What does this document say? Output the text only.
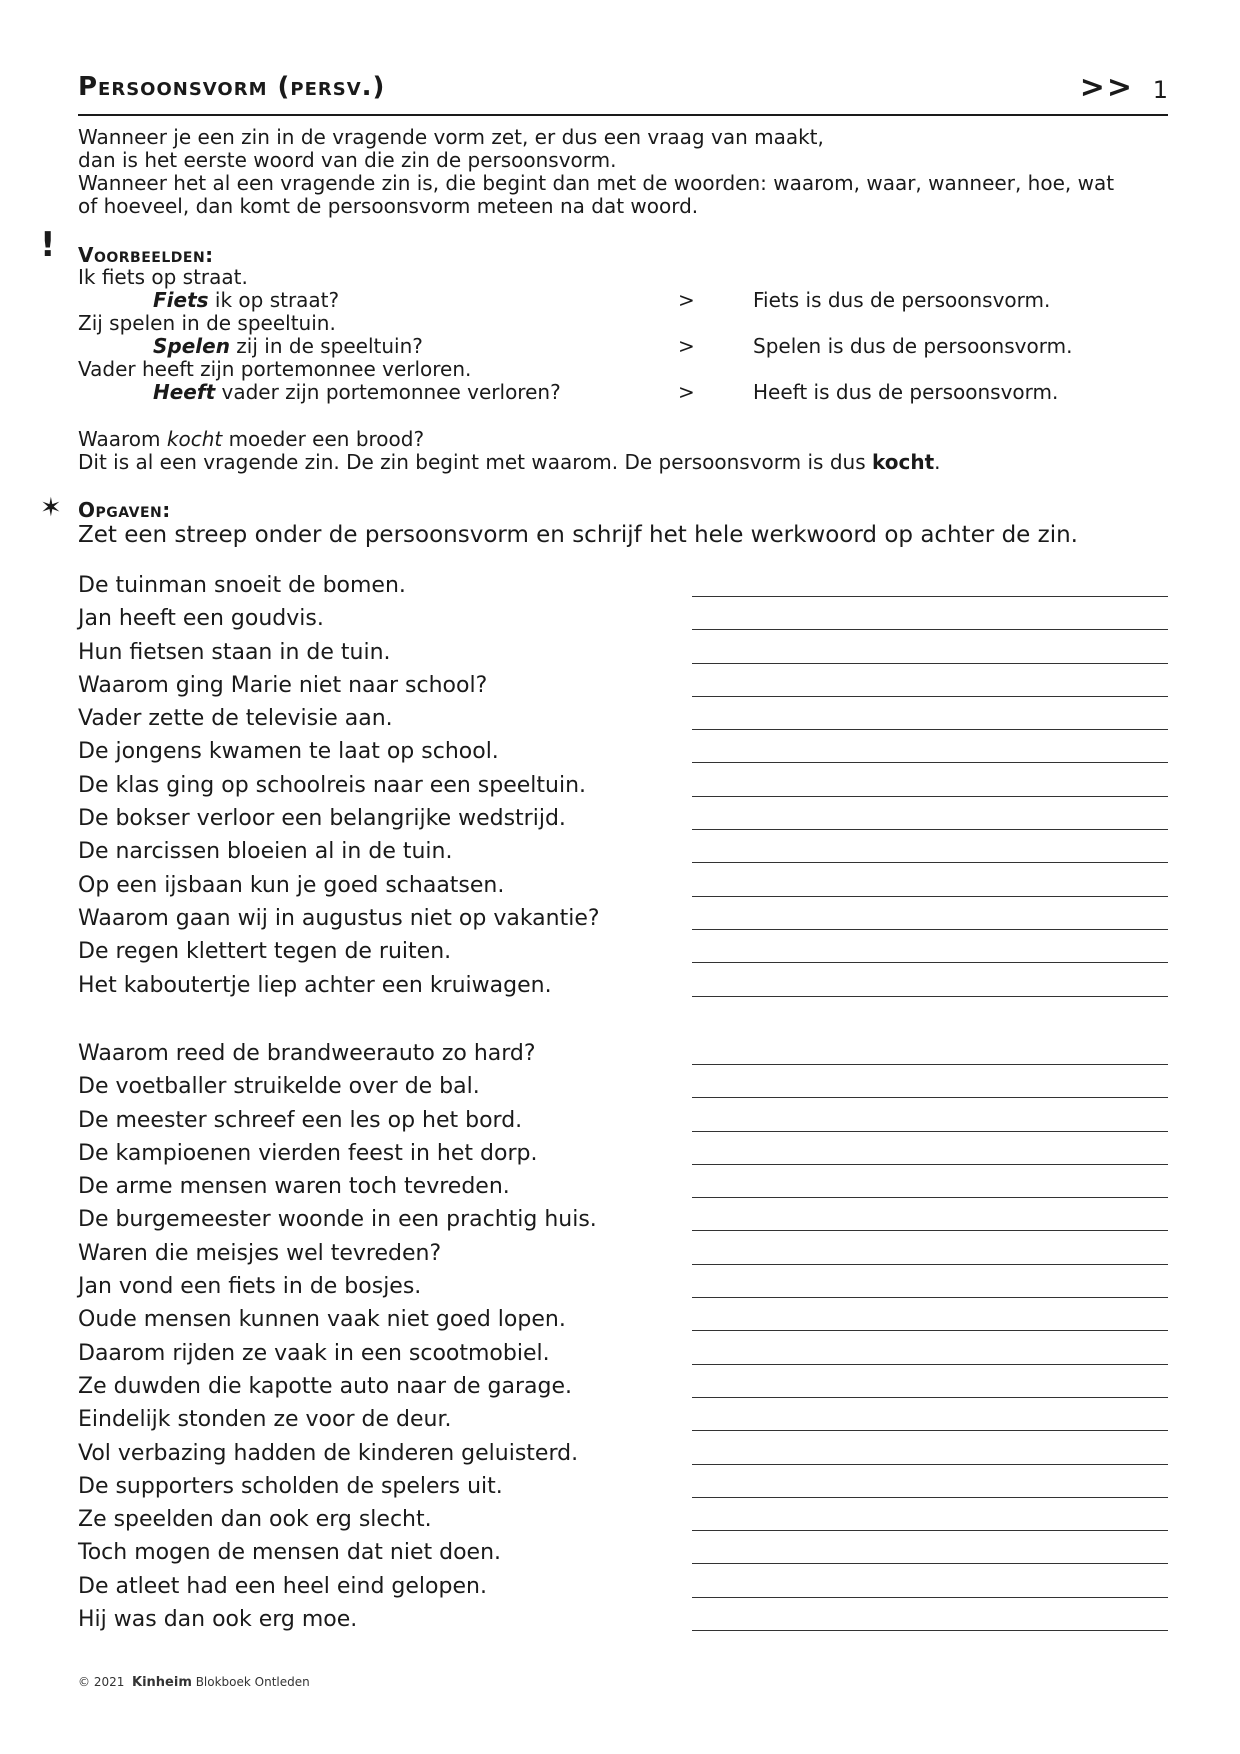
Persoonsvorm (persv.)	>> 1

Wanneer je een zin in de vragende vorm zet, er dus een vraag van maakt,

dan is het eerste woord van die zin de persoonsvorm.

Wanneer het al een vragende zin is, die begint dan met de woorden: waarom, waar, wanneer, hoe, wat

of hoeveel, dan komt de persoonsvorm meteen na dat woord.

! Voorbeelden:
Ik fiets op straat.
Fiets ik op straat?	>	Fiets is dus de persoonsvorm.
Zij spelen in de speeltuin.
Spelen zij in de speeltuin?	>	Spelen is dus de persoonsvorm.
Vader heeft zijn portemonnee verloren.
Heeft vader zijn portemonnee verloren?	>	Heeft is dus de persoonsvorm.

Waarom kocht moeder een brood?

Dit is al een vragende zin. De zin begint met waarom. De persoonsvorm is dus kocht.

✶ Opgaven:
Zet een streep onder de persoonsvorm en schrijf het hele werkwoord op achter de zin.
De tuinman snoeit de bomen.
Jan heeft een goudvis.
Hun fietsen staan in de tuin.
Waarom ging Marie niet naar school?
Vader zette de televisie aan.
De jongens kwamen te laat op school.
De klas ging op schoolreis naar een speeltuin.
De bokser verloor een belangrijke wedstrijd.
De narcissen bloeien al in de tuin.
Op een ijsbaan kun je goed schaatsen.
Waarom gaan wij in augustus niet op vakantie?
De regen klettert tegen de ruiten.
Het kaboutertje liep achter een kruiwagen.
Waarom reed de brandweerauto zo hard?
De voetballer struikelde over de bal.
De meester schreef een les op het bord.
De kampioenen vierden feest in het dorp.
De arme mensen waren toch tevreden.
De burgemeester woonde in een prachtig huis.
Waren die meisjes wel tevreden?
Jan vond een fiets in de bosjes.
Oude mensen kunnen vaak niet goed lopen.
Daarom rijden ze vaak in een scootmobiel.
Ze duwden die kapotte auto naar de garage.
Eindelijk stonden ze voor de deur.
Vol verbazing hadden de kinderen geluisterd.
De supporters scholden de spelers uit.
Ze speelden dan ook erg slecht.
Toch mogen de mensen dat niet doen.
De atleet had een heel eind gelopen.
Hij was dan ook erg moe.
© 2021 Kinheim Blokboek Ontleden
